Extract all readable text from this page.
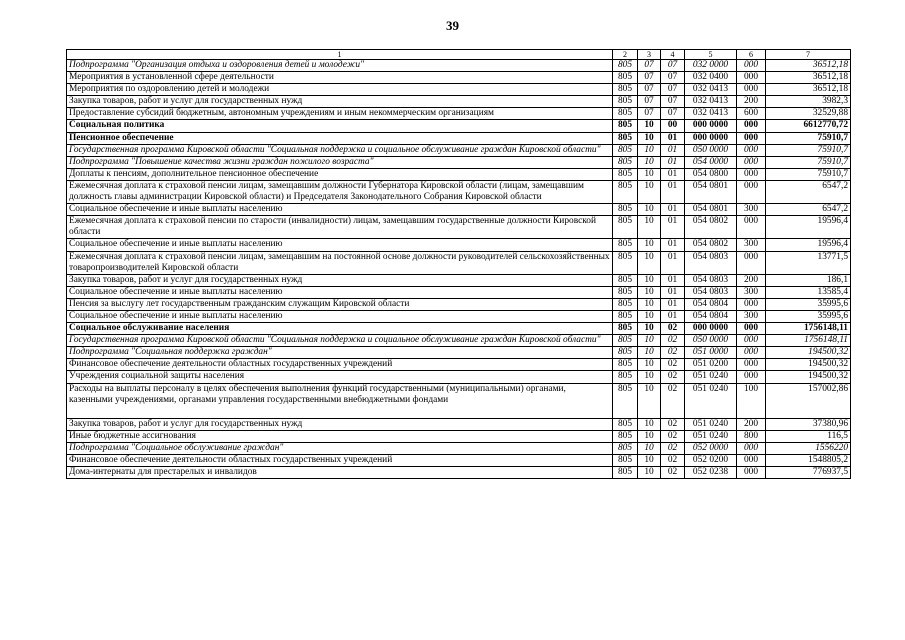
39
1	2	3	4	5	6	7
Подпрограмма "Организация отдыха и оздоровления детей и молодежи"	805	07	07	032 0000	000	36512,18
Мероприятия в установленной сфере деятельности	805	07	07	032 0400	000	36512,18
Мероприятия по оздоровлению детей и молодежи	805	07	07	032 0413	000	36512,18
Закупка товаров, работ и услуг для государственных нужд	805	07	07	032 0413	200	3982,3
Предоставление субсидий бюджетным, автономным учреждениям и иным некоммерческим организациям	805	07	07	032 0413	600	32529,88
Социальная политика	805	10	00	000 0000	000	6612770,72
Пенсионное обеспечение	805	10	01	000 0000	000	75910,7
Государственная программа Кировской области "Социальная поддержка и социальное обслуживание граждан Кировской области"	805	10	01	050 0000	000	75910,7
Подпрограмма "Повышение качества жизни граждан пожилого возраста"	805	10	01	054 0000	000	75910,7
Доплаты к пенсиям, дополнительное пенсионное обеспечение	805	10	01	054 0800	000	75910,7
Ежемесячная доплата к страховой пенсии лицам, замещавшим должности Губернатора Кировской области (лицам, замещавшим должность главы администрации Кировской области) и Председателя Законодательного Собрания Кировской области	805	10	01	054 0801	000	6547,2
Социальное обеспечение и иные выплаты населению	805	10	01	054 0801	300	6547,2
Ежемесячная доплата к страховой пенсии по старости (инвалидности) лицам, замещавшим государственные должности Кировской области	805	10	01	054 0802	000	19596,4
Социальное обеспечение и иные выплаты населению	805	10	01	054 0802	300	19596,4
Ежемесячная доплата к страховой пенсии лицам, замещавшим на постоянной основе должности руководителей сельскохозяйственных товаропроизводителей Кировской области	805	10	01	054 0803	000	13771,5
Закупка товаров, работ и услуг для государственных нужд	805	10	01	054 0803	200	186,1
Социальное обеспечение и иные выплаты населению	805	10	01	054 0803	300	13585,4
Пенсия за выслугу лет государственным гражданским служащим Кировской области	805	10	01	054 0804	000	35995,6
Социальное обеспечение и иные выплаты населению	805	10	01	054 0804	300	35995,6
Социальное обслуживание населения	805	10	02	000 0000	000	1756148,11
Государственная программа Кировской области "Социальная поддержка и социальное обслуживание граждан Кировской области"	805	10	02	050 0000	000	1756148,11
Подпрограмма "Социальная поддержка граждан"	805	10	02	051 0000	000	194500,32
Финансовое обеспечение деятельности областных государственных учреждений	805	10	02	051 0200	000	194500,32
Учреждения социальной защиты населения	805	10	02	051 0240	000	194500,32
Расходы на выплаты персоналу в целях обеспечения выполнения функций государственными (муниципальными) органами, казенными учреждениями, органами управления государственными внебюджетными фондами	805	10	02	051 0240	100	157002,86
Закупка товаров, работ и услуг для государственных нужд	805	10	02	051 0240	200	37380,96
Иные бюджетные ассигнования	805	10	02	051 0240	800	116,5
Подпрограмма "Социальное обслуживание граждан"	805	10	02	052 0000	000	1556220
Финансовое обеспечение деятельности областных государственных учреждений	805	10	02	052 0200	000	1548805,2
Дома-интернаты для престарелых и инвалидов	805	10	02	052 0238	000	776937,5
